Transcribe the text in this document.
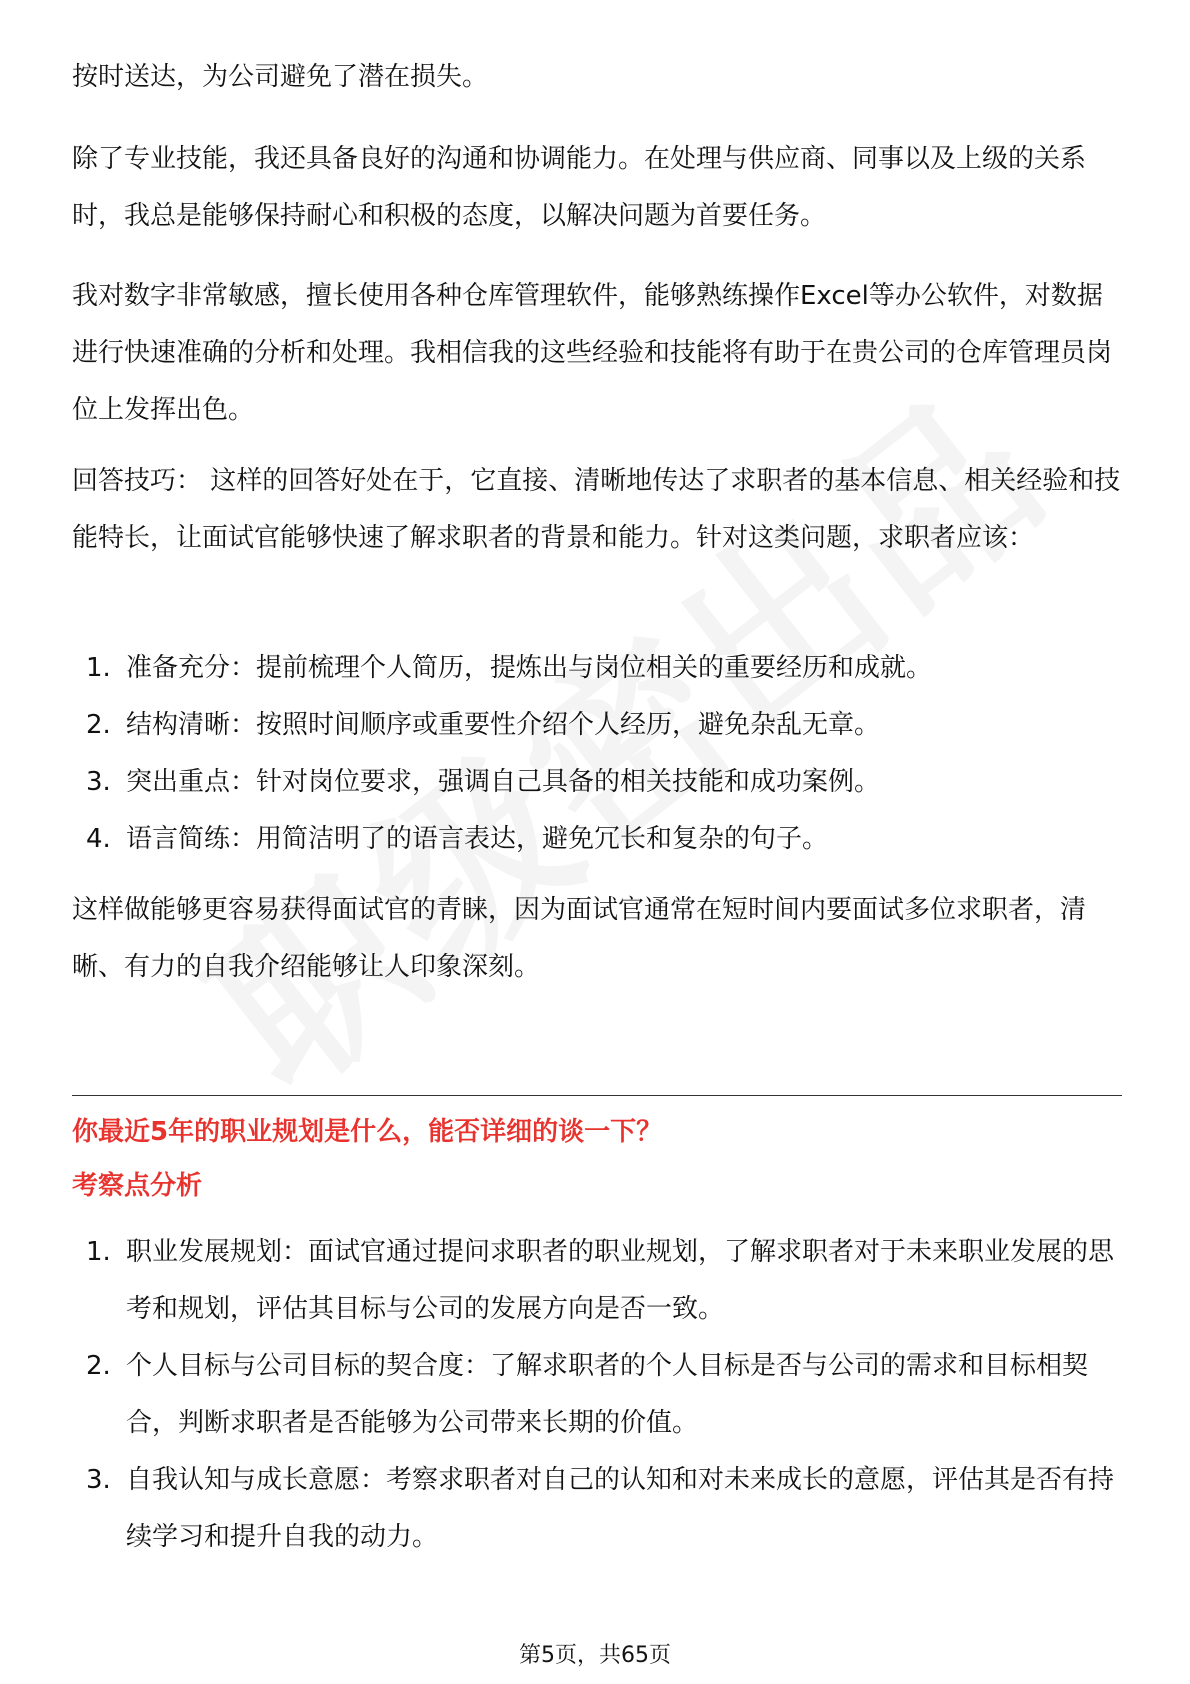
按时送达，为公司避免了潜在损失。

除了专业技能，我还具备良好的沟通和协调能力。在处理与供应商、同事以及上级的关系时，我总是能够保持耐心和积极的态度，以解决问题为首要任务。

我对数字非常敏感，擅长使用各种仓库管理软件，能够熟练操作Excel等办公软件，对数据进行快速准确的分析和处理。我相信我的这些经验和技能将有助于在贵公司的仓库管理员岗位上发挥出色。

回答技巧： 这样的回答好处在于，它直接、清晰地传达了求职者的基本信息、相关经验和技能特长，让面试官能够快速了解求职者的背景和能力。针对这类问题，求职者应该：

1. 准备充分：提前梳理个人简历，提炼出与岗位相关的重要经历和成就。
2. 结构清晰：按照时间顺序或重要性介绍个人经历，避免杂乱无章。
3. 突出重点：针对岗位要求，强调自己具备的相关技能和成功案例。
4. 语言简练：用简洁明了的语言表达，避免冗长和复杂的句子。

这样做能够更容易获得面试官的青睐，因为面试官通常在短时间内要面试多位求职者，清晰、有力的自我介绍能够让人印象深刻。

你最近5年的职业规划是什么，能否详细的谈一下？
考察点分析
1. 职业发展规划：面试官通过提问求职者的职业规划，了解求职者对于未来职业发展的思考和规划，评估其目标与公司的发展方向是否一致。
2. 个人目标与公司目标的契合度：了解求职者的个人目标是否与公司的需求和目标相契合，判断求职者是否能够为公司带来长期的价值。
3. 自我认知与成长意愿：考察求职者对自己的认知和对未来成长的意愿，评估其是否有持续学习和提升自我的动力。
第5页，共65页
